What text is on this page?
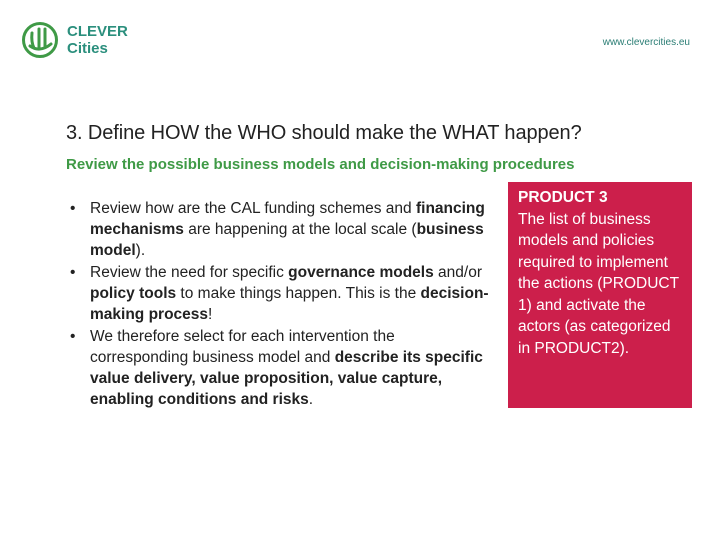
CLEVER
Cities	www.clevercities.eu
3. Define HOW the WHO should make the WHAT happen?

Review the possible business models and decision-making procedures

• Review how are the CAL funding schemes and financing mechanisms are happening at the local scale (business model).
• Review the need for specific governance models and/or policy tools to make things happen. This is the decision-making process!
• We therefore select for each intervention the corresponding business model and describe its specific value delivery, value proposition, value capture, enabling conditions and risks.
PRODUCT 3
The list of business models and policies required to implement the actions (PRODUCT 1) and activate the actors (as categorized in PRODUCT2).
